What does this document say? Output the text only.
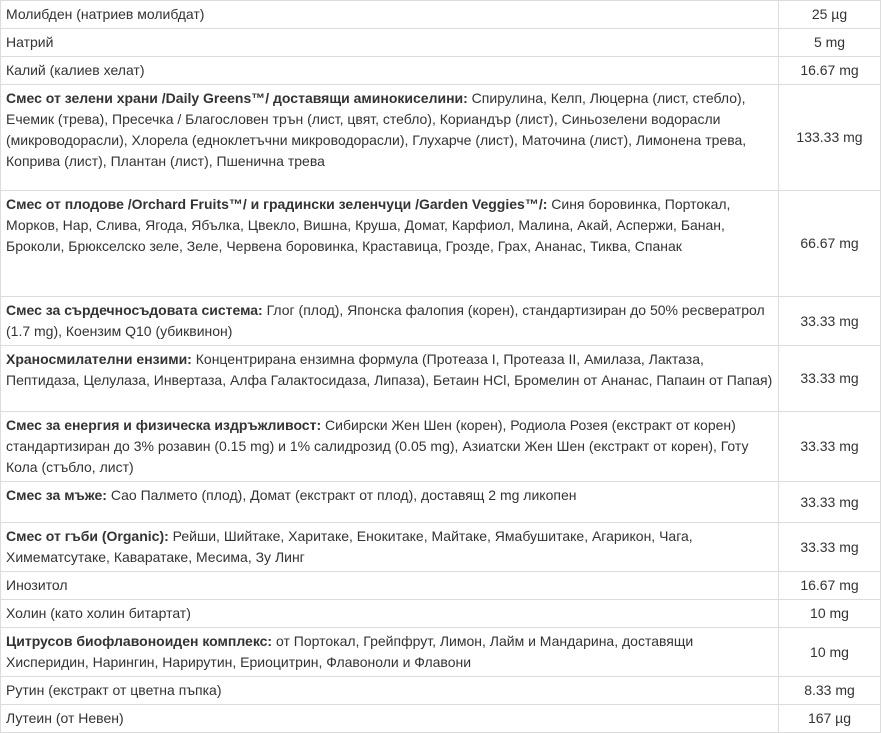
Молибден (натриев молибдат)	25 µg
Натрий	5 mg
Калий (калиев хелат)	16.67 mg
Смес от зелени храни /Daily Greens™/ доставящи аминокиселини: Спирулина, Келп, Люцерна (лист, стебло), Ечемик (трева), Пресечка / Благословен трън (лист, цвят, стебло), Кориандър (лист), Синьозелени водорасли (микроводорасли), Хлорела (едноклетъчни микроводорасли), Глухарче (лист), Маточина (лист), Лимонена трева, Коприва (лист), Плантан (лист), Пшенична трева	133.33 mg
Смес от плодове /Orchard Fruits™/ и градински зеленчуци /Garden Veggies™/: Синя боровинка, Портокал, Морков, Нар, Слива, Ягода, Ябълка, Цвекло, Вишна, Круша, Домат, Карфиол, Малина, Акай, Аспержи, Банан, Броколи, Брюкселско зеле, Зеле, Червена боровинка, Краставица, Грозде, Грах, Ананас, Тиква, Спанак	66.67 mg
Смес за сърдечносъдовата система: Глог (плод), Японска фалопия (корен), стандартизиран до 50% ресвератрол (1.7 mg), Коензим Q10 (убиквинон)	33.33 mg
Храносмилателни ензими: Концентрирана ензимна формула (Протеаза I, Протеаза II, Амилаза, Лактаза, Пептидаза, Целулаза, Инвертаза, Алфа Галактосидаза, Липаза), Бетаин HCl, Бромелин от Ананас, Папаин от Папая)	33.33 mg
Смес за енергия и физическа издръжливост: Сибирски Жен Шен (корен), Родиола Розея (екстракт от корен) стандартизиран до 3% розавин (0.15 mg) и 1% салидрозид (0.05 mg), Азиатски Жен Шен (екстракт от корен), Готу Кола (стъбло, лист)	33.33 mg
Смес за мъже: Сао Палмето (плод), Домат (екстракт от плод), доставящ 2 mg ликопен	33.33 mg
Смес от гъби (Organic): Рейши, Шийтаке, Харитаке, Енокитаке, Майтаке, Ямабушитаке, Агарикон, Чага, Химематсутаке, Каваратаке, Месима, Зу Линг	33.33 mg
Инозитол	16.67 mg
Холин (като холин битартат)	10 mg
Цитрусов биофлавоноиден комплекс: от Портокал, Грейпфрут, Лимон, Лайм и Мандарина, доставящи Хисперидин, Нарингин, Нарирутин, Ериоцитрин, Флавоноли и Флавони	10 mg
Рутин (екстракт от цветна пъпка)	8.33 mg
Лутеин (от Невен)	167 µg
